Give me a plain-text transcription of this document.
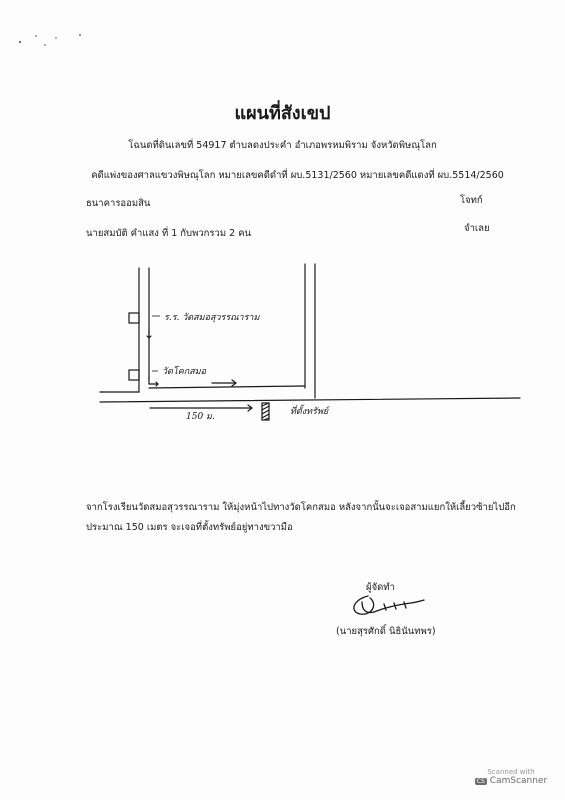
แผนที่สังเขป
โฉนดที่ดินเลขที่ 54917 ตำบลดงประคำ อำเภอพรหมพิราม จังหวัดพิษณุโลก
คดีแพ่งของศาลแขวงพิษณุโลก หมายเลขคดีดำที่ ผบ.5131/2560 หมายเลขคดีแดงที่ ผบ.5514/2560
ธนาคารออมสิน	โจทก์
นายสมบัติ คำแสง ที่ 1 กับพวกรวม 2 คน	จำเลย
ร.ร. วัดสมอสุวรรณาราม
วัดโคกสมอ
150 ม.	ที่ตั้งทรัพย์
จากโรงเรียนวัดสมอสุวรรณาราม ให้มุ่งหน้าไปทางวัดโคกสมอ หลังจากนั้นจะเจอสามแยกให้เลี้ยวซ้ายไปอีก
ประมาณ 150 เมตร จะเจอที่ตั้งทรัพย์อยู่ทางขวามือ
ผู้จัดทำ
(นายสุรศักดิ์ นิธินันทพร)
Scanned with
CS CamScanner
